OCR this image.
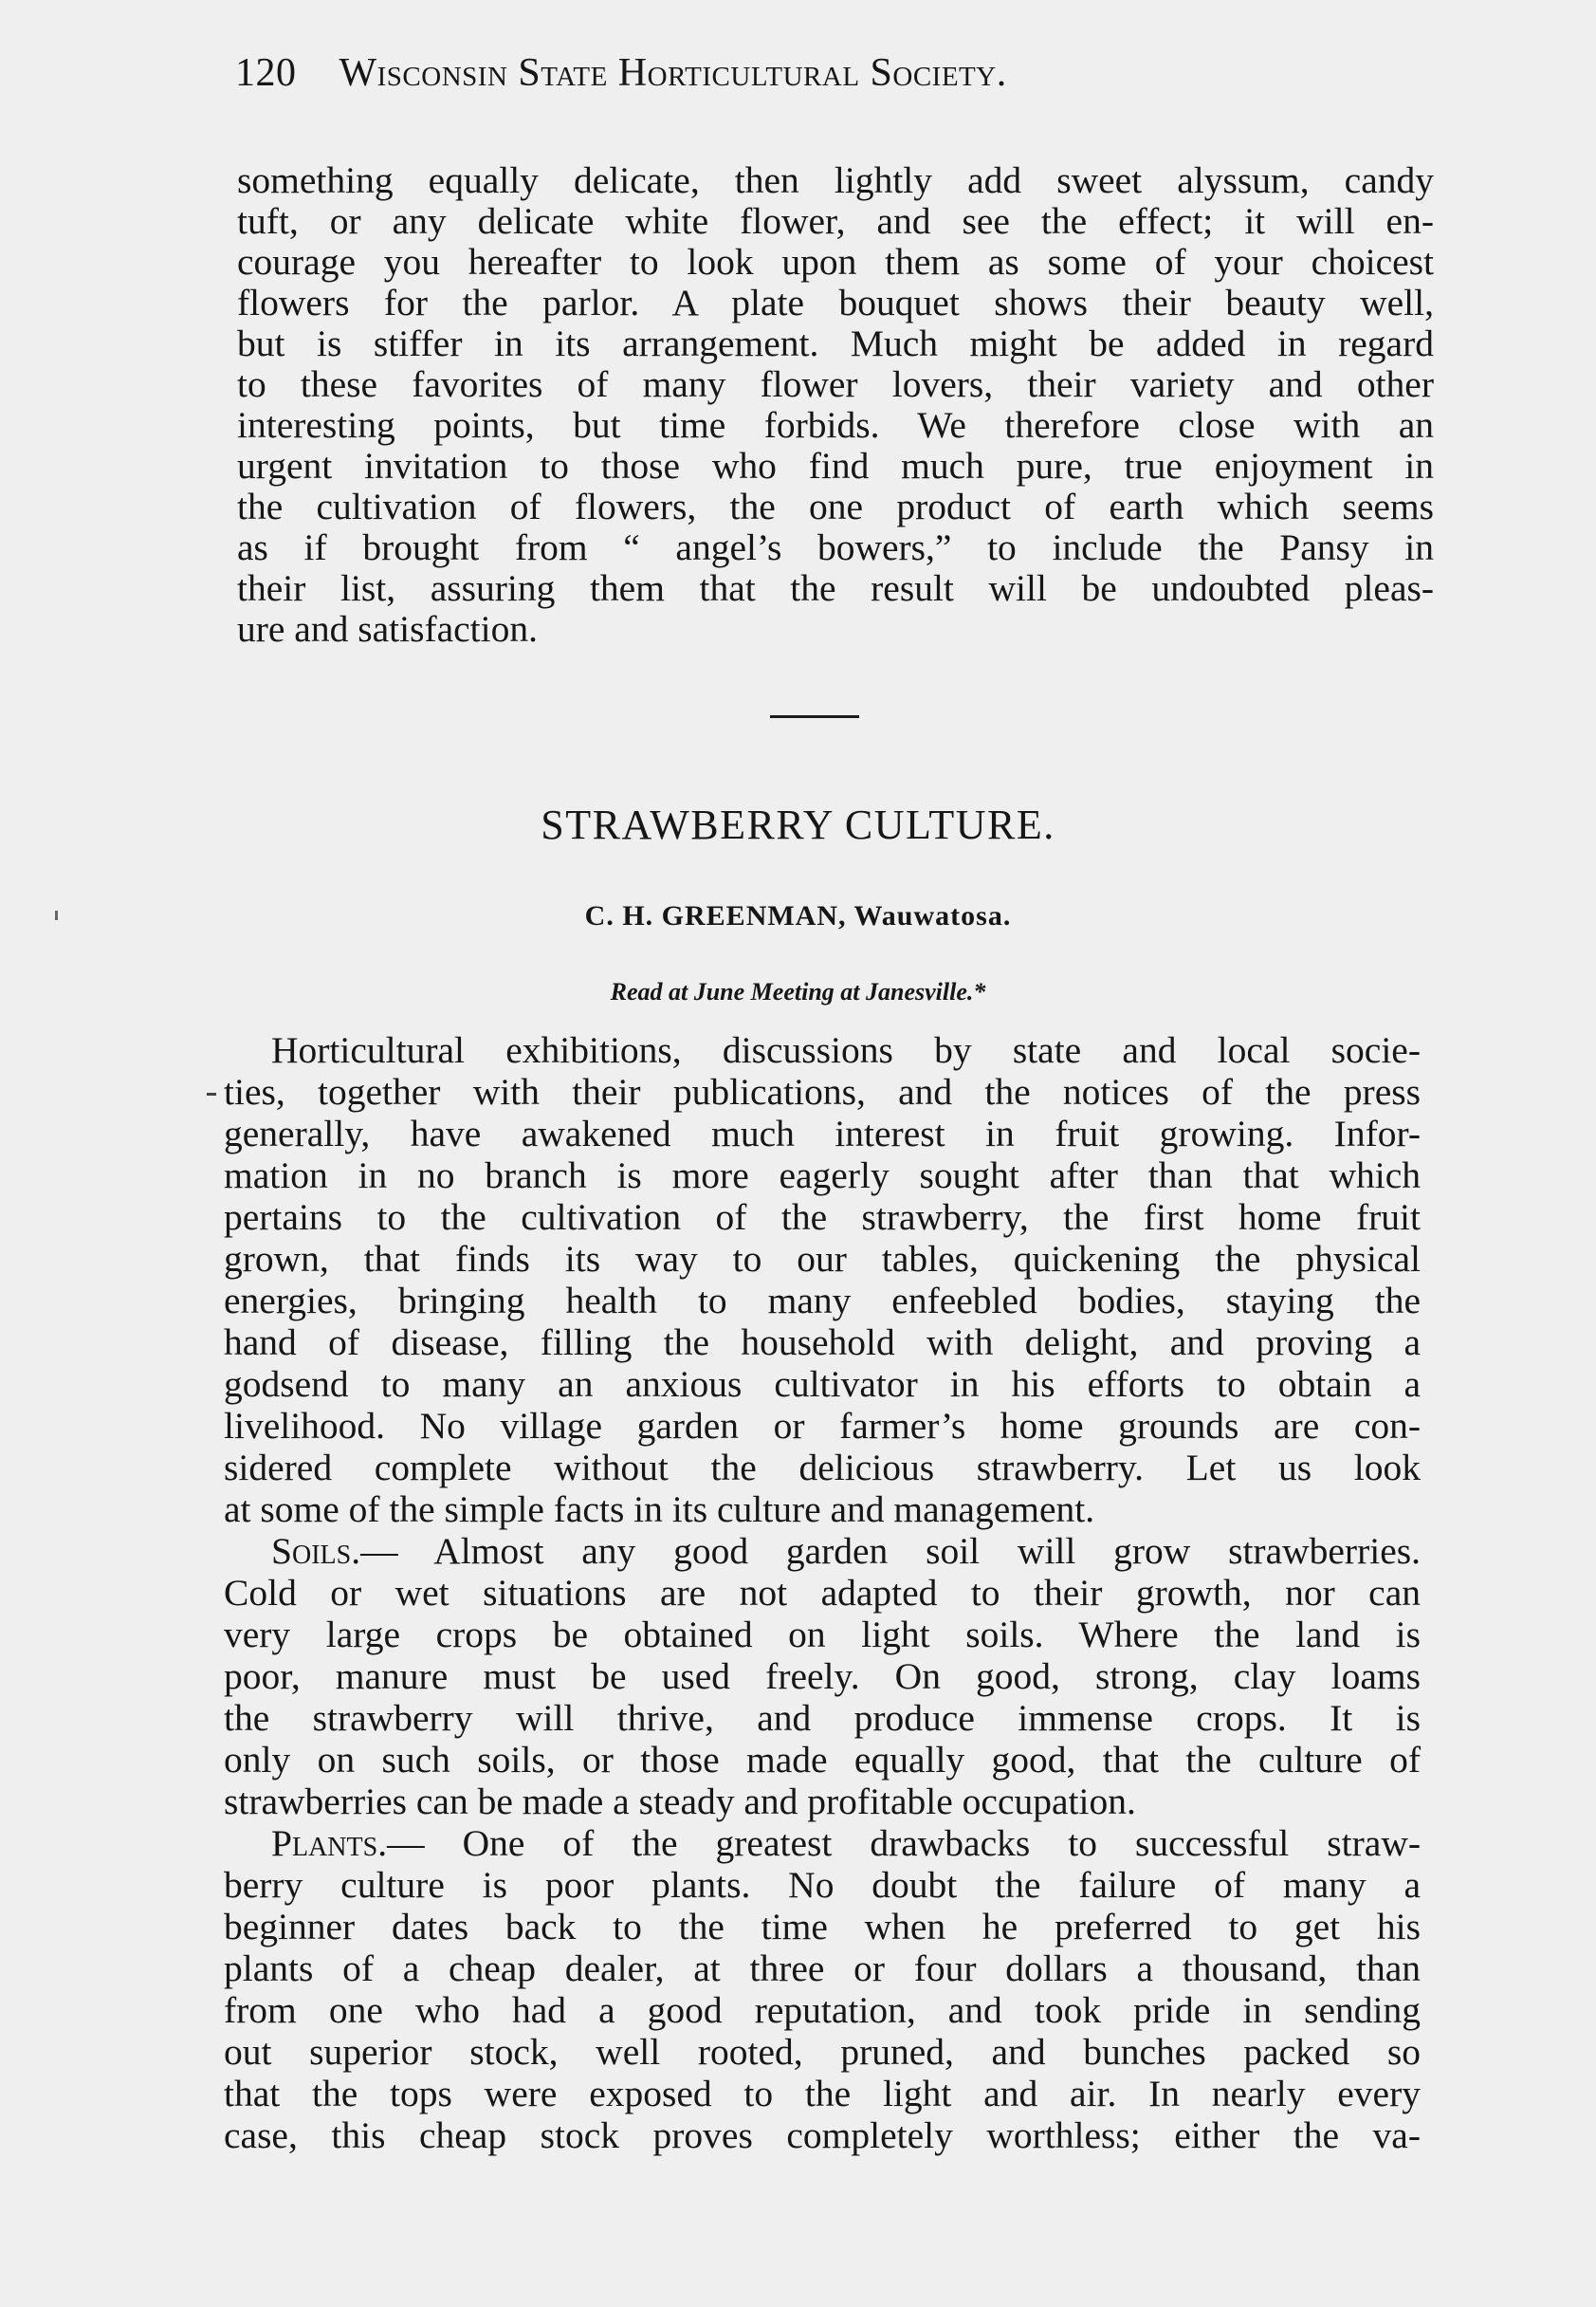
120 Wisconsin State Horticultural Society.
something equally delicate, then lightly add sweet alyssum, candy
tuft, or any delicate white flower, and see the effect; it will en-
courage you hereafter to look upon them as some of your choicest
flowers for the parlor. A plate bouquet shows their beauty well,
but is stiffer in its arrangement. Much might be added in regard
to these favorites of many flower lovers, their variety and other
interesting points, but time forbids. We therefore close with an
urgent invitation to those who find much pure, true enjoyment in
the cultivation of flowers, the one product of earth which seems
as if brought from “ angel’s bowers,” to include the Pansy in
their list, assuring them that the result will be undoubted pleas-
ure and satisfaction.
STRAWBERRY CULTURE.
C. H. GREENMAN, Wauwatosa.
Read at June Meeting at Janesville.*
Horticultural exhibitions, discussions by state and local socie-
ties, together with their publications, and the notices of the press
generally, have awakened much interest in fruit growing. Infor-
mation in no branch is more eagerly sought after than that which
pertains to the cultivation of the strawberry, the first home fruit
grown, that finds its way to our tables, quickening the physical
energies, bringing health to many enfeebled bodies, staying the
hand of disease, filling the household with delight, and proving a
godsend to many an anxious cultivator in his efforts to obtain a
livelihood. No village garden or farmer’s home grounds are con-
sidered complete without the delicious strawberry. Let us look
at some of the simple facts in its culture and management.
Soils.— Almost any good garden soil will grow strawberries.
Cold or wet situations are not adapted to their growth, nor can
very large crops be obtained on light soils. Where the land is
poor, manure must be used freely. On good, strong, clay loams
the strawberry will thrive, and produce immense crops. It is
only on such soils, or those made equally good, that the culture of
strawberries can be made a steady and profitable occupation.
Plants.— One of the greatest drawbacks to successful straw-
berry culture is poor plants. No doubt the failure of many a
beginner dates back to the time when he preferred to get his
plants of a cheap dealer, at three or four dollars a thousand, than
from one who had a good reputation, and took pride in sending
out superior stock, well rooted, pruned, and bunches packed so
that the tops were exposed to the light and air. In nearly every
case, this cheap stock proves completely worthless; either the va-
